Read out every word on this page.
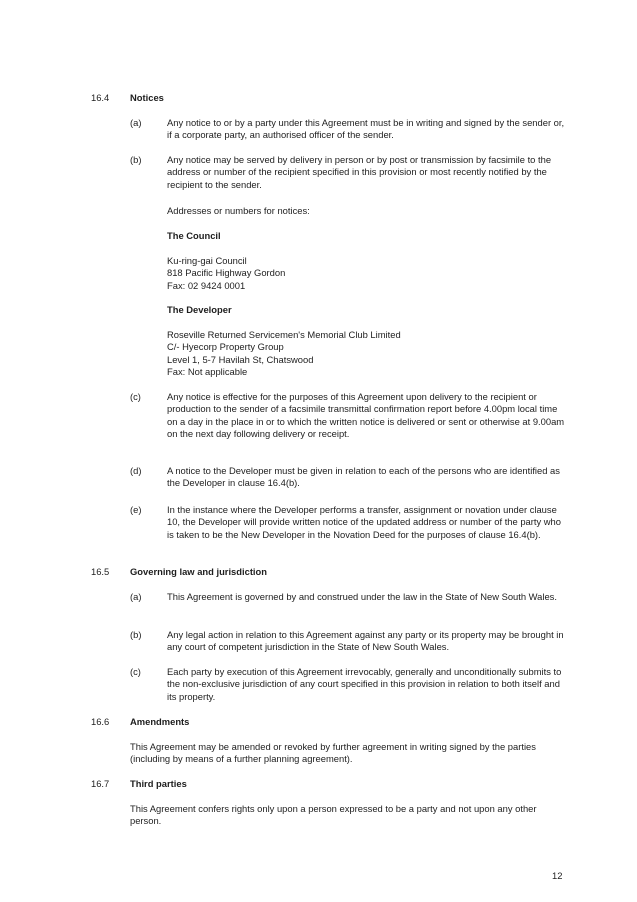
16.4 Notices
(a)	Any notice to or by a party under this Agreement must be in writing and signed by the sender or, if a corporate party, an authorised officer of the sender.
(b)	Any notice may be served by delivery in person or by post or transmission by facsimile to the address or number of the recipient specified in this provision or most recently notified by the recipient to the sender.
Addresses or numbers for notices:
The Council
Ku-ring-gai Council
818 Pacific Highway Gordon
Fax: 02 9424 0001
The Developer
Roseville Returned Servicemen's Memorial Club Limited
C/- Hyecorp Property Group
Level 1, 5-7 Havilah St, Chatswood
Fax: Not applicable
(c)	Any notice is effective for the purposes of this Agreement upon delivery to the recipient or production to the sender of a facsimile transmittal confirmation report before 4.00pm local time on a day in the place in or to which the written notice is delivered or sent or otherwise at 9.00am on the next day following delivery or receipt.
(d)	A notice to the Developer must be given in relation to each of the persons who are identified as the Developer in clause 16.4(b).
(e)	In the instance where the Developer performs a transfer, assignment or novation under clause 10, the Developer will provide written notice of the updated address or number of the party who is taken to be the New Developer in the Novation Deed for the purposes of clause 16.4(b).
16.5 Governing law and jurisdiction
(a)	This Agreement is governed by and construed under the law in the State of New South Wales.
(b)	Any legal action in relation to this Agreement against any party or its property may be brought in any court of competent jurisdiction in the State of New South Wales.
(c)	Each party by execution of this Agreement irrevocably, generally and unconditionally submits to the non-exclusive jurisdiction of any court specified in this provision in relation to both itself and its property.
16.6 Amendments
This Agreement may be amended or revoked by further agreement in writing signed by the parties (including by means of a further planning agreement).
16.7 Third parties
This Agreement confers rights only upon a person expressed to be a party and not upon any other person.
12
